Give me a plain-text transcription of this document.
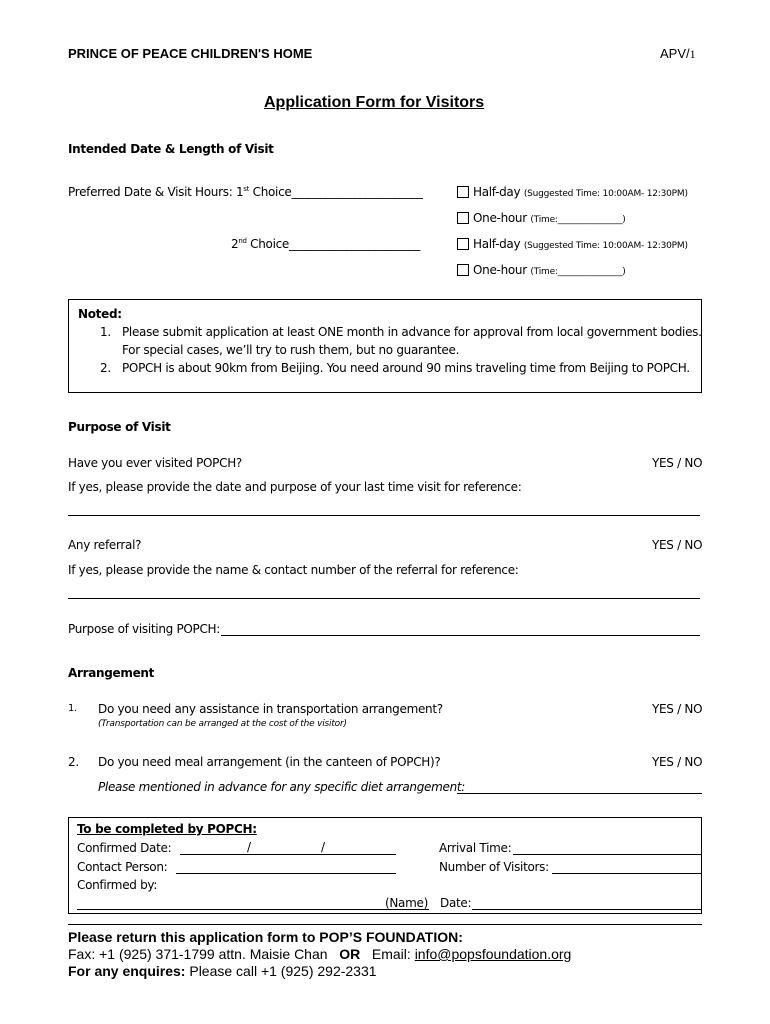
PRINCE OF PEACE CHILDREN'S HOME	APV/1
Application Form for Visitors
Intended Date & Length of Visit
Preferred Date & Visit Hours: 1st Choice_______________________	Half-day (Suggested Time: 10:00AM- 12:30PM)
One-hour (Time:_______________)
2nd Choice_______________________	Half-day (Suggested Time: 10:00AM- 12:30PM)
One-hour (Time:_______________)
Noted:
1. Please submit application at least ONE month in advance for approval from local government bodies.
For special cases, we’ll try to rush them, but no guarantee.
2. POPCH is about 90km from Beijing. You need around 90 mins traveling time from Beijing to POPCH.
Purpose of Visit
Have you ever visited POPCH?	YES / NO
If yes, please provide the date and purpose of your last time visit for reference:
Any referral?	YES / NO
If yes, please provide the name & contact number of the referral for reference:
Purpose of visiting POPCH:
Arrangement
1. Do you need any assistance in transportation arrangement?
(Transportation can be arranged at the cost of the visitor)
YES / NO
2. Do you need meal arrangement (in the canteen of POPCH)?	YES / NO
Please mentioned in advance for any specific diet arrangement:
To be completed by POPCH:
Confirmed Date:	/	/	Arrival Time:
Contact Person:	Number of Visitors:
Confirmed by:
(Name) Date:
Please return this application form to POP’S FOUNDATION:
Fax: +1 (925) 371-1799 attn. Maisie Chan OR Email: info@popsfoundation.org
For any enquires: Please call +1 (925) 292-2331
